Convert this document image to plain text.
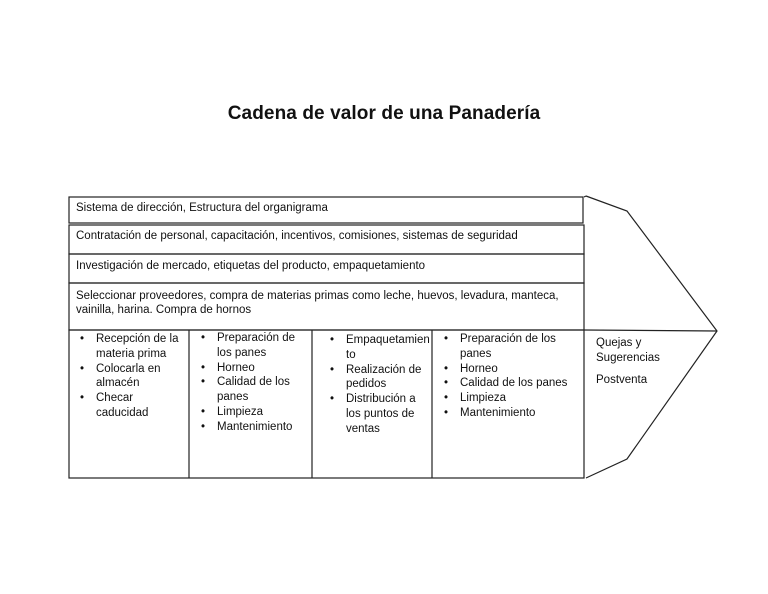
Cadena de valor de una Panadería
Sistema de dirección, Estructura del organigrama
Contratación de personal, capacitación, incentivos, comisiones, sistemas de seguridad
Investigación de mercado, etiquetas del producto, empaquetamiento
Seleccionar proveedores, compra de materias primas como leche, huevos, levadura, manteca, vainilla, harina. Compra de hornos
• Recepción de la materia prima
• Colocarla en almacén
• Checar caducidad
• Preparación de los panes
• Horneo
• Calidad de los panes
• Limpieza
• Mantenimiento
• Empaquetamiento
• Realización de pedidos
• Distribución a los puntos de ventas
• Preparación de los panes
• Horneo
• Calidad de los panes
• Limpieza
• Mantenimiento
Quejas y Sugerencias
Postventa
